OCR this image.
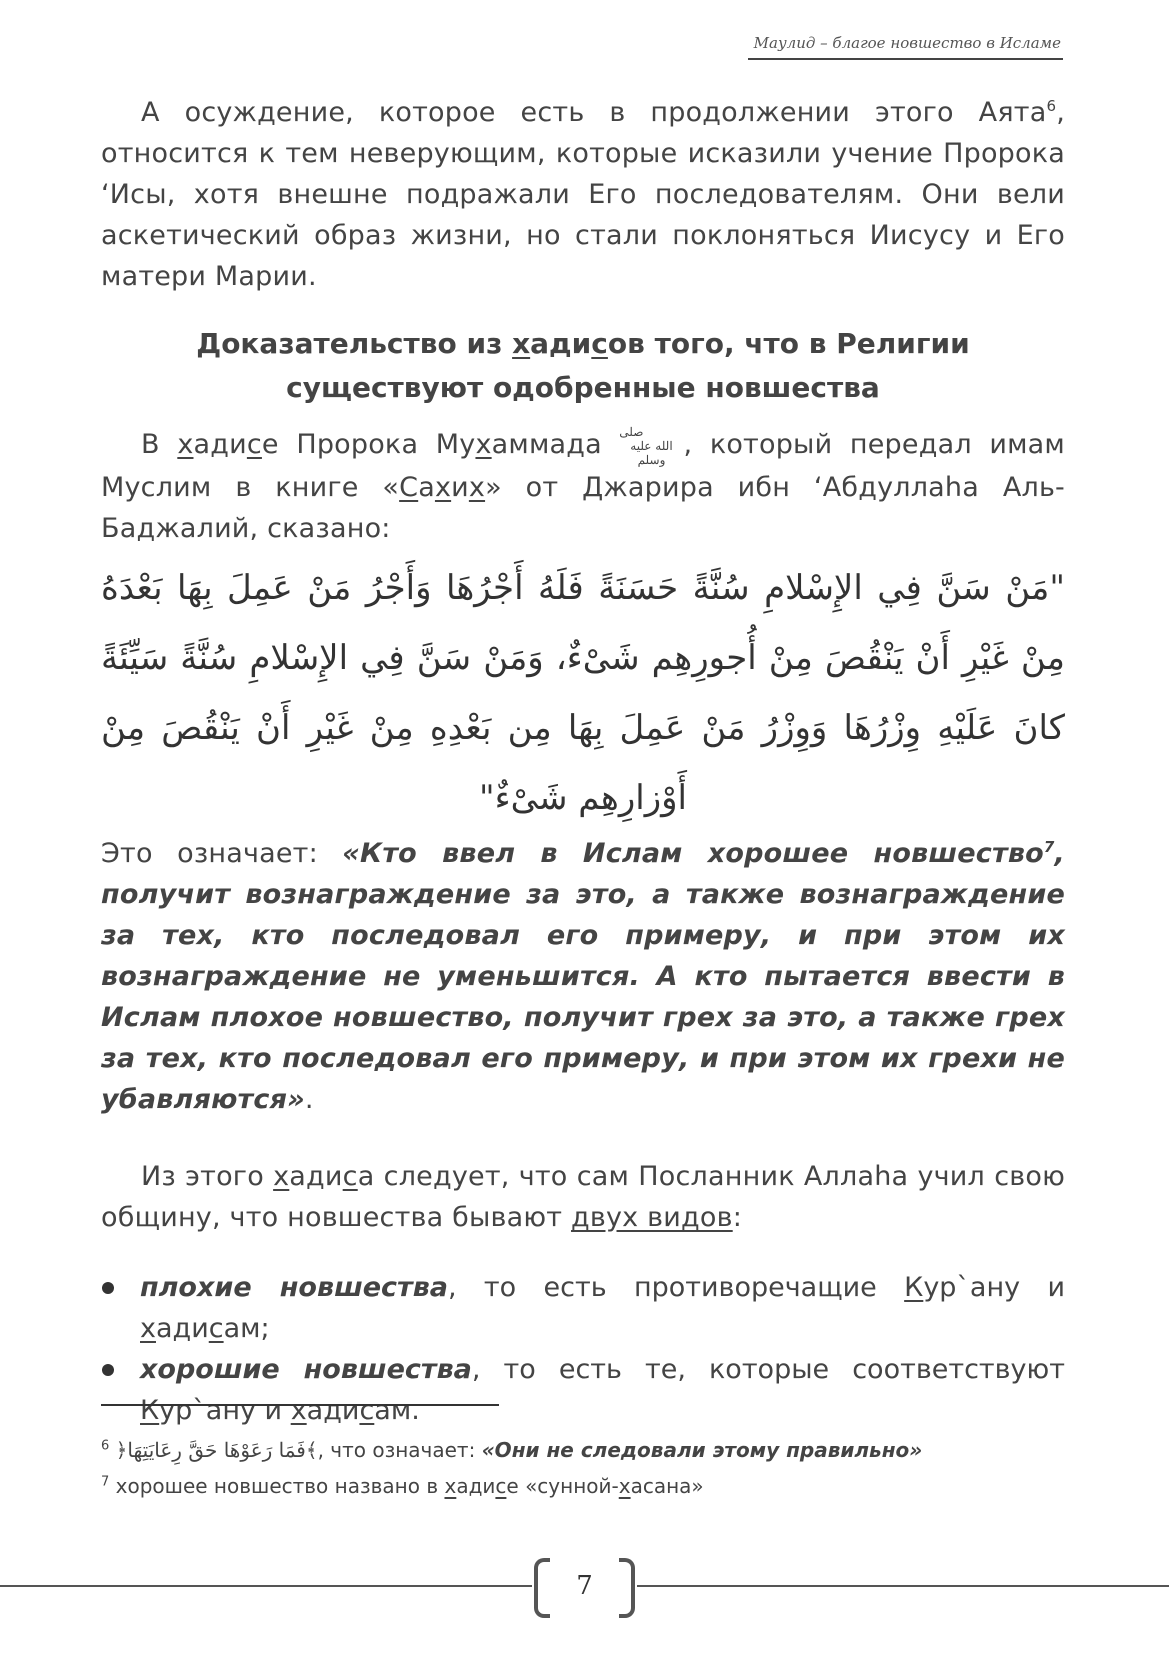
Маулид – благое новшество в Исламе

А осуждение, которое есть в продолжении этого Аята$^6$, относится к тем неверующим, которые исказили учение Пророка ‘Исы, хотя внешне подражали Его последователям. Они вели аскетический образ жизни, но стали поклоняться Иисусу и Его матери Марии.

Доказательство из хадисов того, что в Религии существуют одобренные новшества

В хадисе Пророка Мухаммада صلى الله عليه وسلم , который передал имам Муслим в книге «Сахих» от Джарира ибн ‘Абдуллаhа Аль-Баджалий, сказано:

"مَنْ سَنَّ فِي الإِسْلامِ سُنَّةً حَسَنَةً فَلَهُ أَجْرُهَا وَأَجْرُ مَنْ عَمِلَ بِهَا بَعْدَهُ مِنْ غَيْرِ أَنْ يَنْقُصَ مِنْ أُجورِهِم شَىْءٌ، وَمَنْ سَنَّ فِي الإِسْلامِ سُنَّةً سَيِّئَةً كانَ عَلَيْهِ وِزْرُهَا وَوِزْرُ مَنْ عَمِلَ بِهَا مِن بَعْدِهِ مِنْ غَيْرِ أَنْ يَنْقُصَ مِنْ أَوْزارِهِم شَىْءٌ"

Это означает: «Кто ввел в Ислам хорошее новшество$^7$, получит вознаграждение за это, а также вознаграждение за тех, кто последовал его примеру, и при этом их вознаграждение не уменьшится. А кто пытается ввести в Ислам плохое новшество, получит грех за это, а также грех за тех, кто последовал его примеру, и при этом их грехи не убавляются».

Из этого хадиса следует, что сам Посланник Аллаhа учил свою общину, что новшества бывают двух видов:

плохие новшества, то есть противоречащие Кур`ану и хадисам;
хорошие новшества, то есть те, которые соответствуют Кур`ану и хадисам.
$^6$ ﴿فَمَا رَعَوْهَا حَقَّ رِعَايَتِهَا﴾, что означает: «Они не следовали этому правильно»
$^7$ хорошее новшество названо в хадисе «сунной-хасана»
7
